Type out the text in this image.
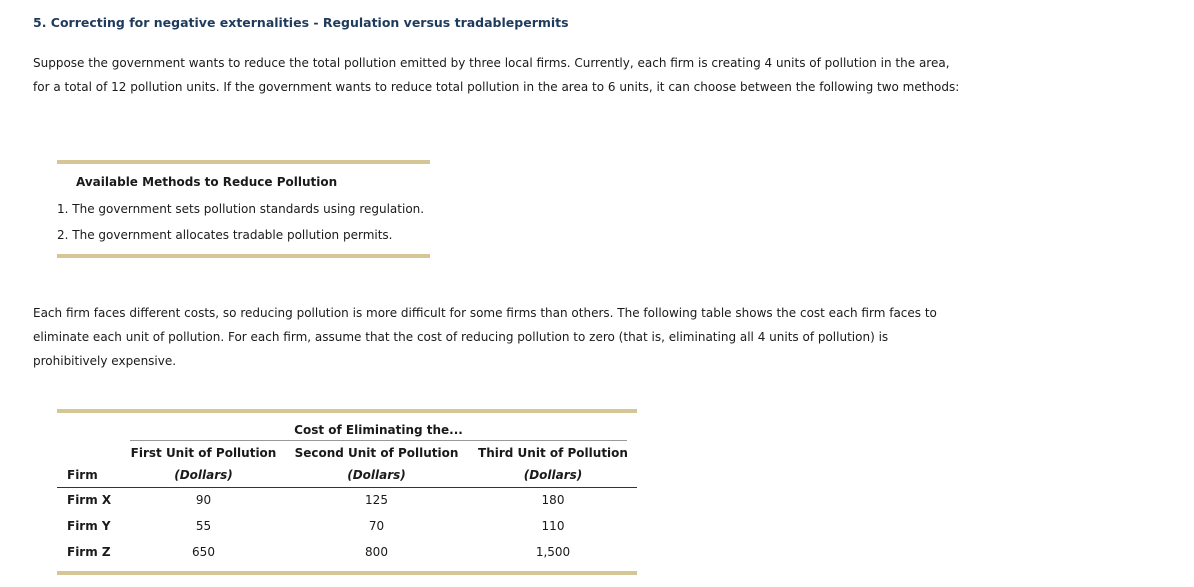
5. Correcting for negative externalities - Regulation versus tradablepermits

Suppose the government wants to reduce the total pollution emitted by three local firms. Currently, each firm is creating 4 units of pollution in the area, for a total of 12 pollution units. If the government wants to reduce total pollution in the area to 6 units, it can choose between the following two methods:

Available Methods to Reduce Pollution

1. The government sets pollution standards using regulation.
2. The government allocates tradable pollution permits.

Each firm faces different costs, so reducing pollution is more difficult for some firms than others. The following table shows the cost each firm faces to eliminate each unit of pollution. For each firm, assume that the cost of reducing pollution to zero (that is, eliminating all 4 units of pollution) is prohibitively expensive.

Cost of Eliminating the...
First Unit of Pollution	Second Unit of Pollution	Third Unit of Pollution
Firm	(Dollars)	(Dollars)	(Dollars)
Firm X	90	125	180
Firm Y	55	70	110
Firm Z	650	800	1,500
